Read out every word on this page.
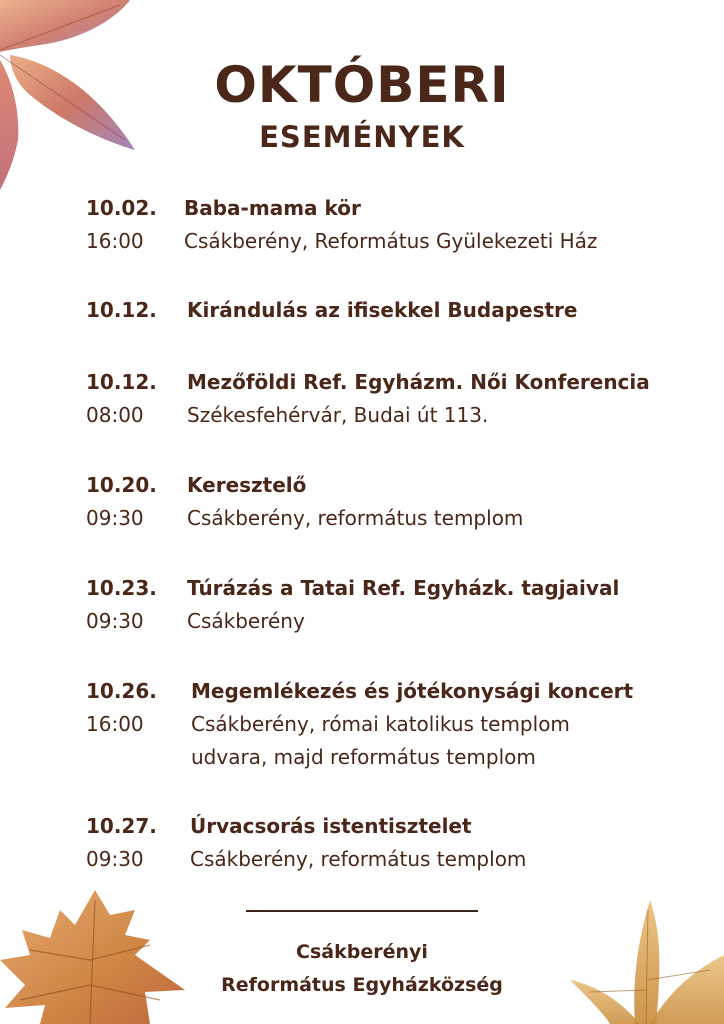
OKTÓBERI
ESEMÉNYEK
10.02.	Baba-mama kör
16:00	Csákberény, Református Gyülekezeti Ház
10.12.	Kirándulás az ifisekkel Budapestre
10.12.	Mezőföldi Ref. Egyházm. Női Konferencia
08:00	Székesfehérvár, Budai út 113.
10.20.	Keresztelő
09:30	Csákberény, református templom
10.23.	Túrázás a Tatai Ref. Egyházk. tagjaival
09:30	Csákberény
10.26.	Megemlékezés és jótékonysági koncert
16:00	Csákberény, római katolikus templom
udvara, majd református templom
10.27.	Úrvacsorás istentisztelet
09:30	Csákberény, református templom
Csákberényi
Református Egyházközség
